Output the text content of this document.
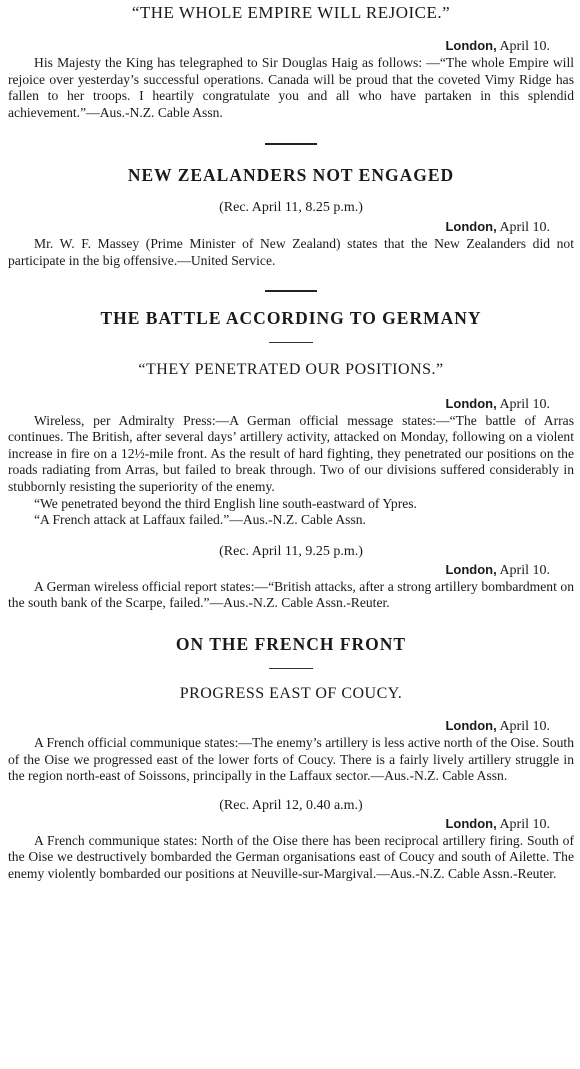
“THE WHOLE EMPIRE WILL REJOICE.”

London, April 10.

His Majesty the King has telegraphed to Sir Douglas Haig as follows: —“The whole Empire will rejoice over yesterday’s successful operations. Canada will be proud that the coveted Vimy Ridge has fallen to her troops. I heartily congratulate you and all who have partaken in this splendid achievement.”—Aus.-N.Z. Cable Assn.

NEW ZEALANDERS NOT ENGAGED

(Rec. April 11, 8.25 p.m.)

London, April 10.

Mr. W. F. Massey (Prime Minister of New Zealand) states that the New Zealanders did not participate in the big offensive.—United Service.

THE BATTLE ACCORDING TO GERMANY

“THEY PENETRATED OUR POSITIONS.”

London, April 10.

Wireless, per Admiralty Press:—A German official message states:—“The battle of Arras continues. The British, after several days’ artillery activity, attacked on Monday, following on a violent increase in fire on a 12½-mile front. As the result of hard fighting, they penetrated our positions on the roads radiating from Arras, but failed to break through. Two of our divisions suffered considerably in stubbornly resisting the superiority of the enemy.

“We penetrated beyond the third English line south-eastward of Ypres.

“A French attack at Laffaux failed.”—Aus.-N.Z. Cable Assn.

(Rec. April 11, 9.25 p.m.)

London, April 10.

A German wireless official report states:—“British attacks, after a strong artillery bombardment on the south bank of the Scarpe, failed.”—Aus.-N.Z. Cable Assn.-Reuter.

ON THE FRENCH FRONT

PROGRESS EAST OF COUCY.

London, April 10.

A French official communique states:—The enemy’s artillery is less active north of the Oise. South of the Oise we progressed east of the lower forts of Coucy. There is a fairly lively artillery struggle in the region north-east of Soissons, principally in the Laffaux sector.—Aus.-N.Z. Cable Assn.

(Rec. April 12, 0.40 a.m.)

London, April 10.

A French communique states: North of the Oise there has been reciprocal artillery firing. South of the Oise we destructively bombarded the German organisations east of Coucy and south of Ailette. The enemy violently bombarded our positions at Neuville-sur-Margival.—Aus.-N.Z. Cable Assn.-Reuter.
